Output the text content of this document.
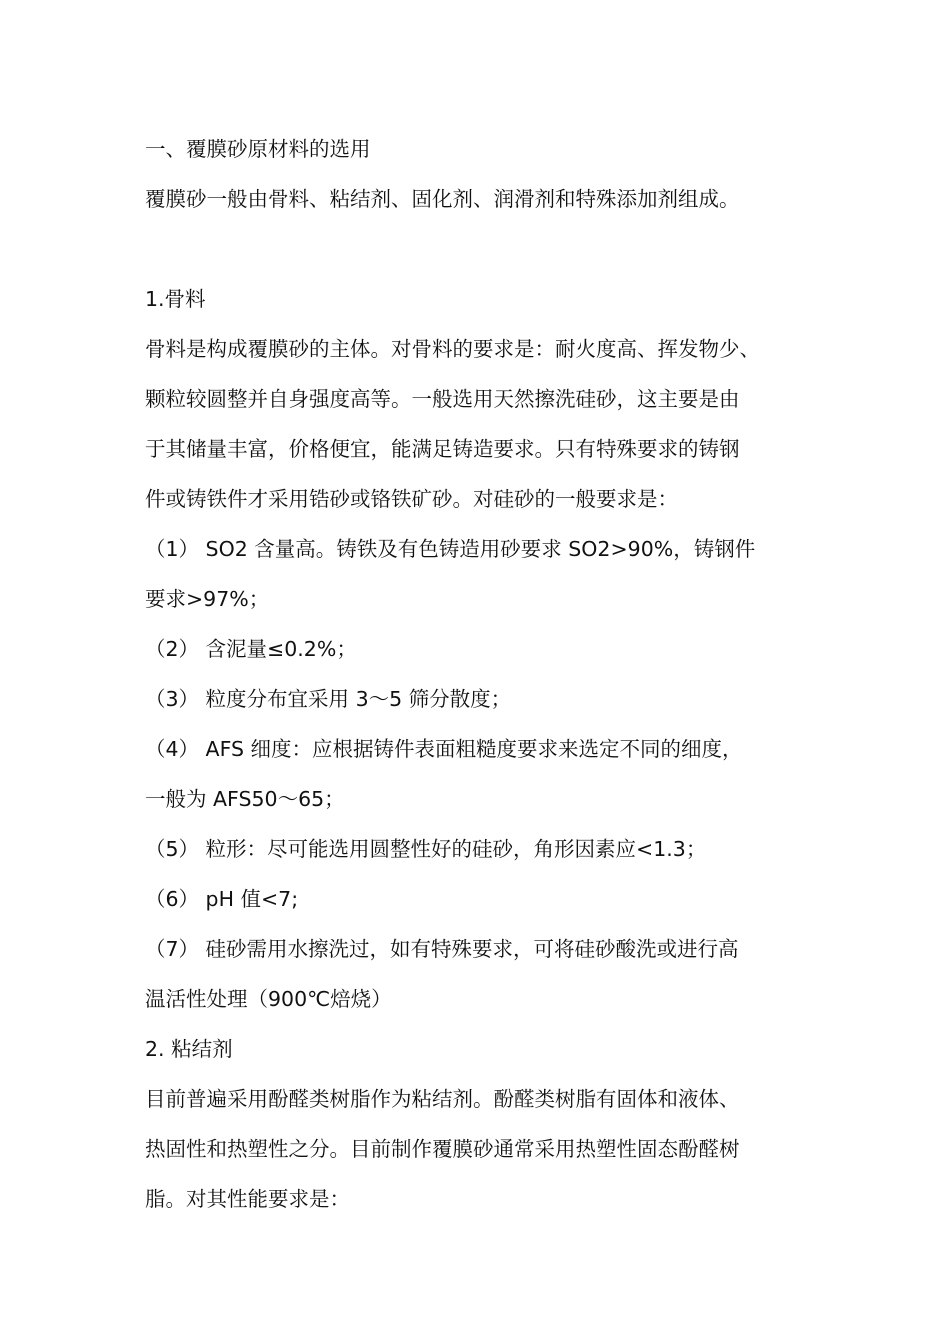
一、覆膜砂原材料的选用
覆膜砂一般由骨料、粘结剂、固化剂、润滑剂和特殊添加剂组成。
1.骨料
骨料是构成覆膜砂的主体。对骨料的要求是：耐火度高、挥发物少、
颗粒较圆整并自身强度高等。一般选用天然擦洗硅砂，这主要是由
于其储量丰富，价格便宜，能满足铸造要求。只有特殊要求的铸钢
件或铸铁件才采用锆砂或铬铁矿砂。对硅砂的一般要求是：
（1） SO2 含量高。铸铁及有色铸造用砂要求 SO2>90%，铸钢件
要求>97%；
（2） 含泥量≤0.2%；
（3） 粒度分布宜采用 3～5 筛分散度；
（4） AFS 细度：应根据铸件表面粗糙度要求来选定不同的细度，
一般为 AFS50～65；
（5） 粒形：尽可能选用圆整性好的硅砂，角形因素应<1.3；
（6） pH 值<7;
（7） 硅砂需用水擦洗过，如有特殊要求，可将硅砂酸洗或进行高
温活性处理（900℃焙烧）
2. 粘结剂
目前普遍采用酚醛类树脂作为粘结剂。酚醛类树脂有固体和液体、
热固性和热塑性之分。目前制作覆膜砂通常采用热塑性固态酚醛树
脂。对其性能要求是：
